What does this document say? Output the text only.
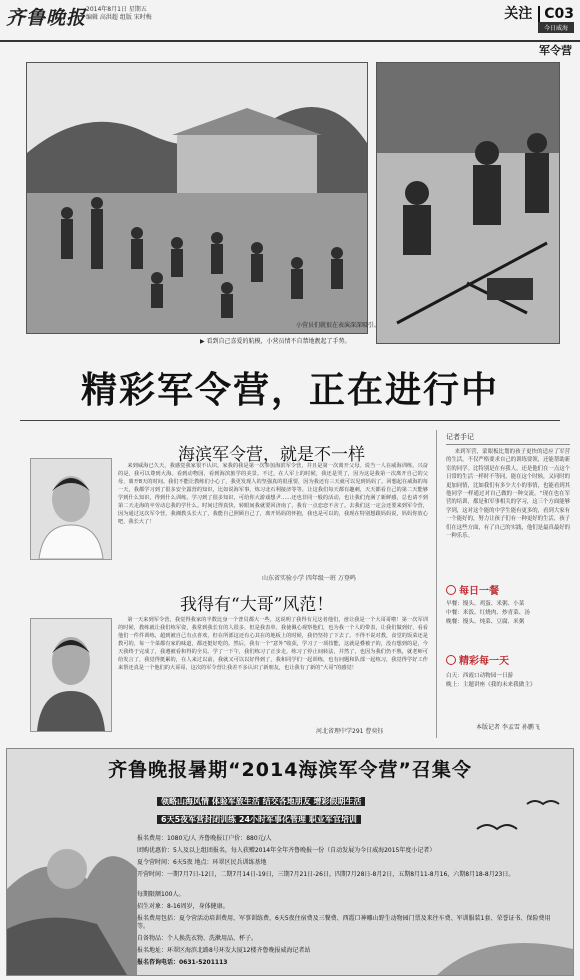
齐鲁晚报 2014年8月1日 星期五
编辑 高洪超 组版 宋时梅	关注 C03
今日威海
军令营
小营员们就很在表演深深吸引。
▶ 看到自己喜爱的航模，小营员情不自禁地靓起了手势。
精彩军令营，正在进行中
海滨军令营，就是不一样
来到威海已久天，我感觉我家很不认识。家我的我是第一次参加海滨军令营，并且是第一次离开父母。说当一人在威海训练，兴奋的是，我可以尊到大海。看到动物园、看到海滨旅学的美景。不过，在人军上的时候，我还是哭了，因为这是我第一次离开自己的父母，离开8天的时间。我们不能让教练们小心了，我更发现人的坚强真的很重要，因为我还有三天就可以见到妈妈了。回想起在威海的每一天，我都学习到了很多安全露营的知识，比如说海军事，炼习北石利接济等等。让这我们每天都有趣刺，天天都看自己的第二天能够学到什么知识，得到什么训练。学习到了很多知识，可给你大游戏想尹……还也非同一般的活动，也让我们充满了新鲜感，总也请不到第二天走海的卒劳动忘我的学什么。时间过得真快，转眼间我就要回济南了，我有一点恋恋不舍了。去我们这一定会还要来到军令营，因为通过这次军令营，我湘教头长大了，我能自己照顾自己了，离开妈妈的怀抱，我也是可以的，我现在特别想跟妈妈说，妈妈你放心吧，我长大了！
山东省实验小学 四年级一班 万登鸣
我得有“大哥”风范！
第一天来到军令营，我觉得我家的半数比身一个普员都大一些，这说明了我得有兄这者他们，爸让我是一个大哥哥啦！第一次军训的时候，教练就让我们练军姿，我常到我长有的人很多，但是我表单，我使佩心观察他们，也为我一个人的带表，让我们做到好，看看他们一件件训练，超到被自己有点喜欢，但在所部这还有心其在的地板上的时候，我仍坚持了下去了。不得不说对教，食堂的饭菜还是教可的，每一个菜都有家的味道，都还挺好吃的。然后，我有一个“意外”收获，学习了一项技能，这就是叠被子的，没有想到的是，今天我终于完成了，我遵被看和得的全员。学了一下午，我们练习了正步走，练习了停止间转法，并然了，也因为我们仍不熟，就老师可给发言了，我觉得挺累的，在人来过以前，我就又可以以好得到了，我和同学们一起训练，也有问题和队部一起练习，我觉得学好工作来帮还真是一个他们的大哥哥，这次的军令营让我差不多认识了新朋友，也让我有了新的“大哥”的感觉！
河北省理中学291 曹奕钰
记者手记
来到军营，蒙眼板比划的孩子更快的适应了军营的生活，不仅严格要求自己的训练要领，还能帮助新室的同学。比特别是在有我人，还是他们在一点这个日常的生活一样时不等同，能在这个时候，又同时的更加同情，比如我们有多少大小的事情，也能看到其他同学一样通过对自己做的一种交流。“现在也在军营的培训，都是和军事相关的学习，这三个方面能够学到，这对这个能的中学生能有更多的，看到大家有一个能好的，努力让孩子们有一种更好的生活，孩子们在这些方面，有了自己的实践，他们是最真最好的一种乐乐。
每日一餐
早餐：馒头、鸡蛋、米粥、小菜
中餐：米饭、红烧肉、炒青菜、汤
晚餐：馒头、炖菜、豆腐、米粥
精彩每一天
白天：西霞口动物园一日游
晚上：主题讲座《我的未来我做主》
本版记者 李孟雪 孙鹏飞
齐鲁晚报暑期“2014海滨军令营”召集令
领略山海风情 体验军旅生活 结交各地朋友 增彩假期生活
6天5夜军营封闭训练 24小时军事化管理 职业军官培训
报名费用：1080元/人 齐鲁晚报订户价：880元/人
团购优惠价：5人及以上组团报名，每人获赠2014年全年齐鲁晚报一份（自动发展为今日威海2015年度小记者）
夏令营时间：6天5夜 地点：环翠区民兵训练基地
开营时间：一期7月7日-12日，二期7月14日-19日，三期7月21日-26日，四期7月28日-8月2日，五期8月11-8月16，六期8月18-8月23日。
每期限额100人。
招生对象：8-16周岁，身体健康。
报名费用包括：夏令营活动培训费用、军事训练费、6天5夜住宿费及三餐费、西霞口神雕山野生动物园门票及来往车费、军训服装1套、荣誉证书、保险费用等。
自备物品：个人换洗衣物、洗漱用品、杯子。
报名地址：环翠区海滨北路8号环发大厦12楼齐鲁晚报威海记者站
报名咨询电话：0631-5201113
